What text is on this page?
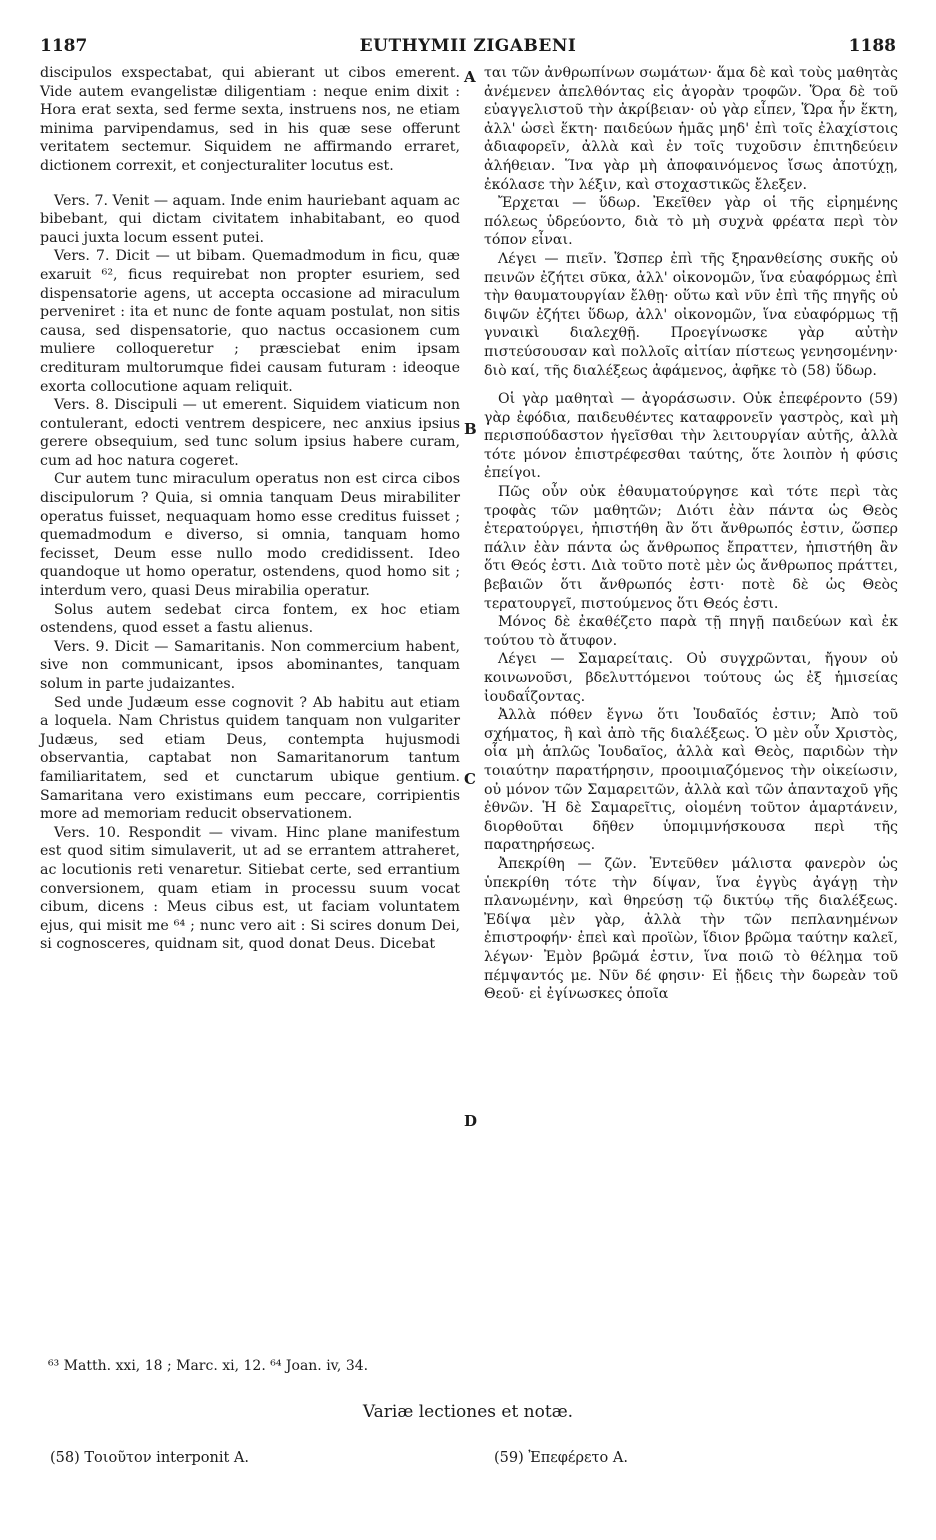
1187	EUTHYMII ZIGABENI	1188

discipulos exspectabat, qui abierant ut cibos emerent. Vide autem evangelistæ diligentiam : neque enim dixit : Hora erat sexta, sed ferme sexta, instruens nos, ne etiam minima parvipendamus, sed in his quæ sese offerunt veritatem sectemur. Siquidem ne affirmando erraret, dictionem correxit, et conjecturaliter locutus est.

Vers. 7. Venit — aquam. Inde enim hauriebant aquam ac bibebant, qui dictam civitatem inhabitabant, eo quod pauci juxta locum essent putei.

Vers. 7. Dicit — ut bibam. Quemadmodum in ficu, quæ exaruit ⁶², ficus requirebat non propter esuriem, sed dispensatorie agens, ut accepta occasione ad miraculum perveniret : ita et nunc de fonte aquam postulat, non sitis causa, sed dispensatorie, quo nactus occasionem cum muliere colloqueretur ; præsciebat enim ipsam credituram multorumque fidei causam futuram : ideoque exorta collocutione aquam reliquit.

Vers. 8. Discipuli — ut emerent. Siquidem viaticum non contulerant, edocti ventrem despicere, nec anxius ipsius gerere obsequium, sed tunc solum ipsius habere curam, cum ad hoc natura cogeret.

Cur autem tunc miraculum operatus non est circa cibos discipulorum ? Quia, si omnia tanquam Deus mirabiliter operatus fuisset, nequaquam homo esse creditus fuisset ; quemadmodum e diverso, si omnia, tanquam homo fecisset, Deum esse nullo modo credidissent. Ideo quandoque ut homo operatur, ostendens, quod homo sit ; interdum vero, quasi Deus mirabilia operatur.

Solus autem sedebat circa fontem, ex hoc etiam ostendens, quod esset a fastu alienus.

Vers. 9. Dicit — Samaritanis. Non commercium habent, sive non communicant, ipsos abominantes, tanquam solum in parte judaizantes.

Sed unde Judæum esse cognovit ? Ab habitu aut etiam a loquela. Nam Christus quidem tanquam non vulgariter Judæus, sed etiam Deus, contempta hujusmodi observantia, captabat non Samaritanorum tantum familiaritatem, sed et cunctarum ubique gentium. Samaritana vero existimans eum peccare, corripientis more ad memoriam reducit observationem.

Vers. 10. Respondit — vivam. Hinc plane manifestum est quod sitim simulaverit, ut ad se errantem attraheret, ac locutionis reti venaretur. Sitiebat certe, sed errantium conversionem, quam etiam in processu suum vocat cibum, dicens : Meus cibus est, ut faciam voluntatem ejus, qui misit me ⁶⁴ ; nunc vero ait : Si scires donum Dei, si cognosceres, quidnam sit, quod donat Deus. Dicebat

ται τῶν ἀνθρωπίνων σωμάτων· ἅμα δὲ καὶ τοὺς μαθητὰς ἀνέμενεν ἀπελθόντας εἰς ἀγορὰν τροφῶν. Ὅρα δὲ τοῦ εὐαγγελιστοῦ τὴν ἀκρίβειαν· οὐ γὰρ εἶπεν, Ὥρα ἦν ἕκτη, ἀλλ' ὡσεὶ ἕκτη· παιδεύων ἡμᾶς μηδ' ἐπὶ τοῖς ἐλαχίστοις ἀδιαφορεῖν, ἀλλὰ καὶ ἐν τοῖς τυχοῦσιν ἐπιτηδεύειν ἀλήθειαν. Ἵνα γὰρ μὴ ἀποφαινόμενος ἴσως ἀποτύχῃ, ἐκόλασε τὴν λέξιν, καὶ στοχαστικῶς ἔλεξεν.

Ἔρχεται — ὕδωρ. Ἐκεῖθεν γὰρ οἱ τῆς εἰρημένης πόλεως ὑδρεύοντο, διὰ τὸ μὴ συχνὰ φρέατα περὶ τὸν τόπον εἶναι.

Λέγει — πιεῖν. Ὥσπερ ἐπὶ τῆς ξηρανθείσης συκῆς οὐ πεινῶν ἐζήτει σῦκα, ἀλλ' οἰκονομῶν, ἵνα εὐαφόρμως ἐπὶ τὴν θαυματουργίαν ἔλθῃ· οὕτω καὶ νῦν ἐπὶ τῆς πηγῆς οὐ διψῶν ἐζήτει ὕδωρ, ἀλλ' οἰκονομῶν, ἵνα εὐαφόρμως τῇ γυναικὶ διαλεχθῇ. Προεγίνωσκε γὰρ αὐτὴν πιστεύσουσαν καὶ πολλοῖς αἰτίαν πίστεως γενησομένην· διὸ καί, τῆς διαλέξεως ἀφάμενος, ἀφῆκε τὸ (58) ὕδωρ.

Οἱ γὰρ μαθηταὶ — ἀγοράσωσιν. Οὐκ ἐπεφέροντο (59) γὰρ ἐφόδια, παιδευθέντες καταφρονεῖν γαστρὸς, καὶ μὴ περισπούδαστον ἡγεῖσθαι τὴν λειτουργίαν αὐτῆς, ἀλλὰ τότε μόνον ἐπιστρέφεσθαι ταύτης, ὅτε λοιπὸν ἡ φύσις ἐπείγοι.

Πῶς οὖν οὐκ ἐθαυματούργησε καὶ τότε περὶ τὰς τροφὰς τῶν μαθητῶν; Διότι ἐὰν πάντα ὡς Θεὸς ἐτερατούργει, ἠπιστήθη ἂν ὅτι ἄνθρωπός ἐστιν, ὥσπερ πάλιν ἐὰν πάντα ὡς ἄνθρωπος ἔπραττεν, ἠπιστήθη ἂν ὅτι Θεός ἐστι. Διὰ τοῦτο ποτὲ μὲν ὡς ἄνθρωπος πράττει, βεβαιῶν ὅτι ἄνθρωπός ἐστι· ποτὲ δὲ ὡς Θεὸς τερατουργεῖ, πιστούμενος ὅτι Θεός ἐστι.

Μόνος δὲ ἐκαθέζετο παρὰ τῇ πηγῇ παιδεύων καὶ ἐκ τούτου τὸ ἄτυφον.

Λέγει — Σαμαρείταις. Οὐ συγχρῶνται, ἤγουν οὐ κοινωνοῦσι, βδελυττόμενοι τούτους ὡς ἐξ ἡμισείας ἰουδαΐζοντας.

Ἀλλὰ πόθεν ἔγνω ὅτι Ἰουδαῖός ἐστιν; Ἀπὸ τοῦ σχήματος, ἢ καὶ ἀπὸ τῆς διαλέξεως. Ὁ μὲν οὖν Χριστὸς, οἷα μὴ ἁπλῶς Ἰουδαῖος, ἀλλὰ καὶ Θεὸς, παριδὼν τὴν τοιαύτην παρατήρησιν, προοιμιαζόμενος τὴν οἰκείωσιν, οὐ μόνον τῶν Σαμαρειτῶν, ἀλλὰ καὶ τῶν ἁπανταχοῦ γῆς ἐθνῶν. Ἡ δὲ Σαμαρεῖτις, οἰομένη τοῦτον ἁμαρτάνειν, διορθοῦται δῆθεν ὑπομιμνήσκουσα περὶ τῆς παρατηρήσεως.

Ἀπεκρίθη — ζῶν. Ἐντεῦθεν μάλιστα φανερὸν ὡς ὑπεκρίθη τότε τὴν δίψαν, ἵνα ἐγγὺς ἀγάγῃ τὴν πλανωμένην, καὶ θηρεύσῃ τῷ δικτύῳ τῆς διαλέξεως. Ἐδίψα μὲν γὰρ, ἀλλὰ τὴν τῶν πεπλανημένων ἐπιστροφήν· ἐπεὶ καὶ προϊὼν, ἴδιον βρῶμα ταύτην καλεῖ, λέγων· Ἐμὸν βρῶμά ἐστιν, ἵνα ποιῶ τὸ θέλημα τοῦ πέμψαντός με. Νῦν δέ φησιν· Εἰ ᾔδεις τὴν δωρεὰν τοῦ Θεοῦ· εἰ ἐγίνωσκες ὁποῖα

A
B
C
D
⁶³ Matth. xxi, 18 ; Marc. xi, 12. ⁶⁴ Joan. iv, 34.
Variæ lectiones et notæ.
(58) Τοιοῦτον interponit A.	(59) Ἐπεφέρετο A.
